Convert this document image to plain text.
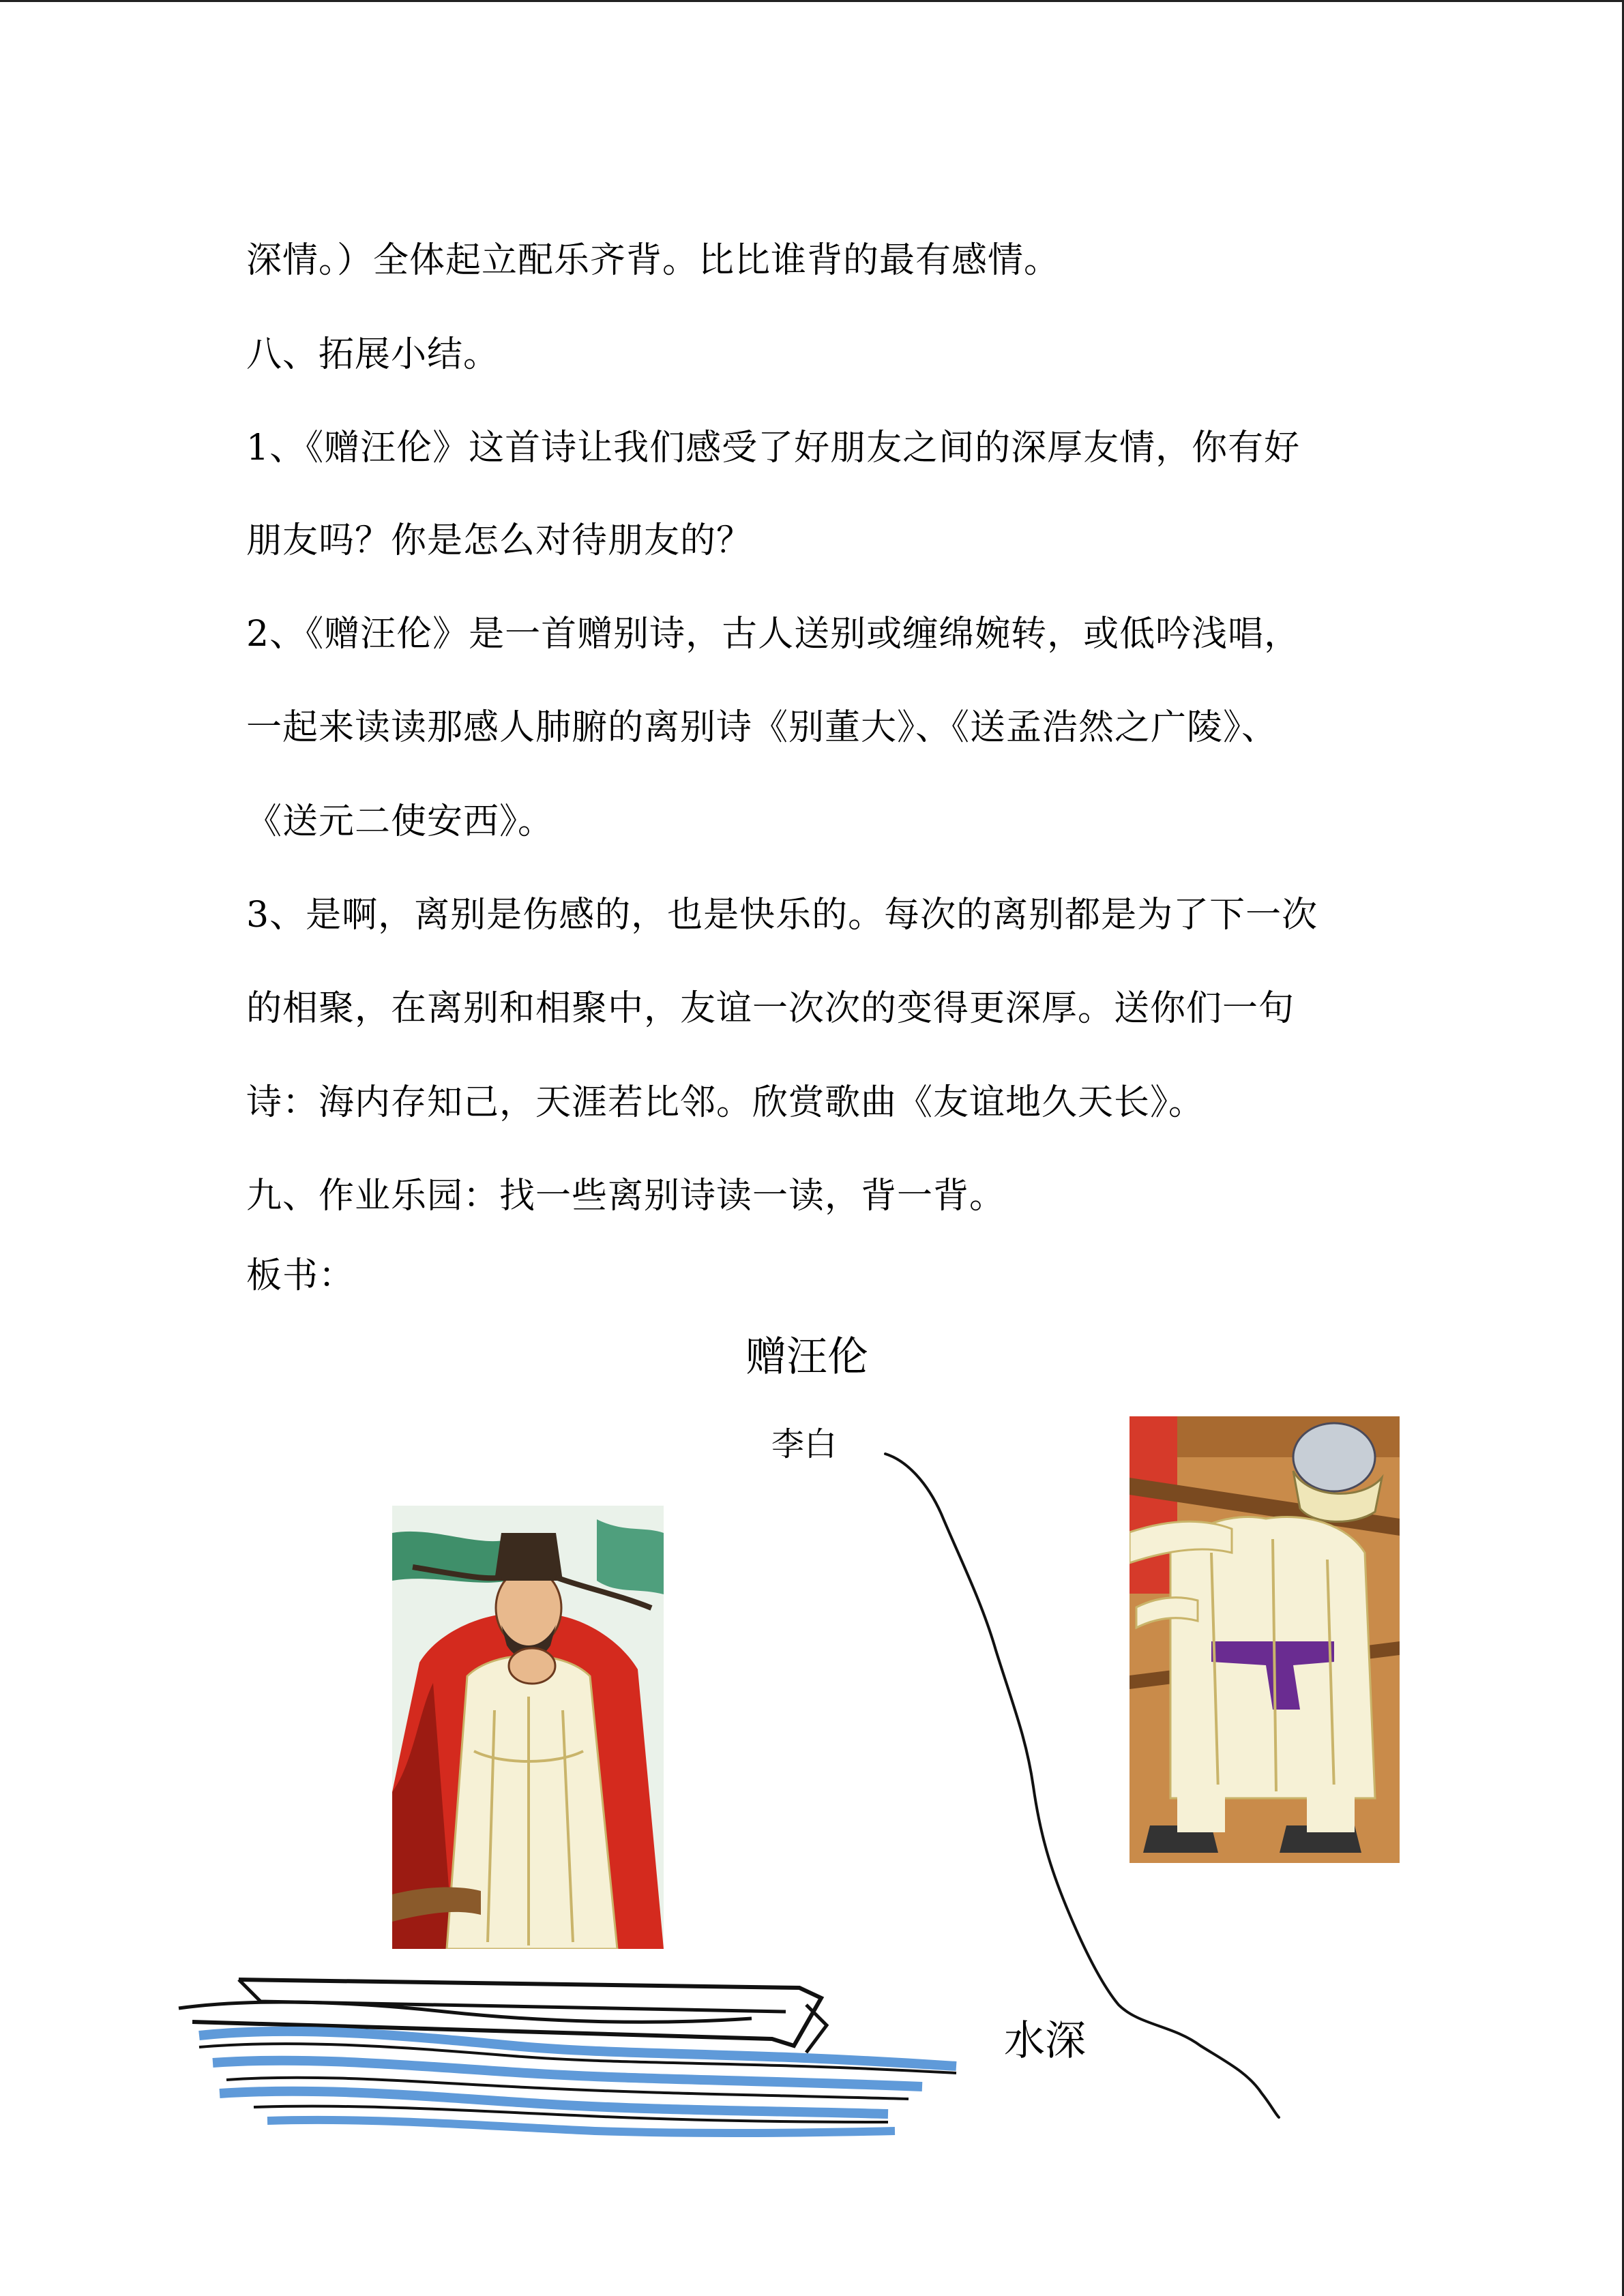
深情。）全体起立配乐齐背。比比谁背的最有感情。

八、拓展小结。

1、《赠汪伦》这首诗让我们感受了好朋友之间的深厚友情，你有好

朋友吗？你是怎么对待朋友的？

2、《赠汪伦》是一首赠别诗，古人送别或缠绵婉转，或低吟浅唱，

一起来读读那感人肺腑的离别诗《别董大》、《送孟浩然之广陵》、

《送元二使安西》。

3、是啊，离别是伤感的，也是快乐的。每次的离别都是为了下一次

的相聚，在离别和相聚中，友谊一次次的变得更深厚。送你们一句

诗：海内存知己，天涯若比邻。欣赏歌曲《友谊地久天长》。

九、作业乐园：找一些离别诗读一读，背一背。

板书：

赠汪伦

李白

水深
